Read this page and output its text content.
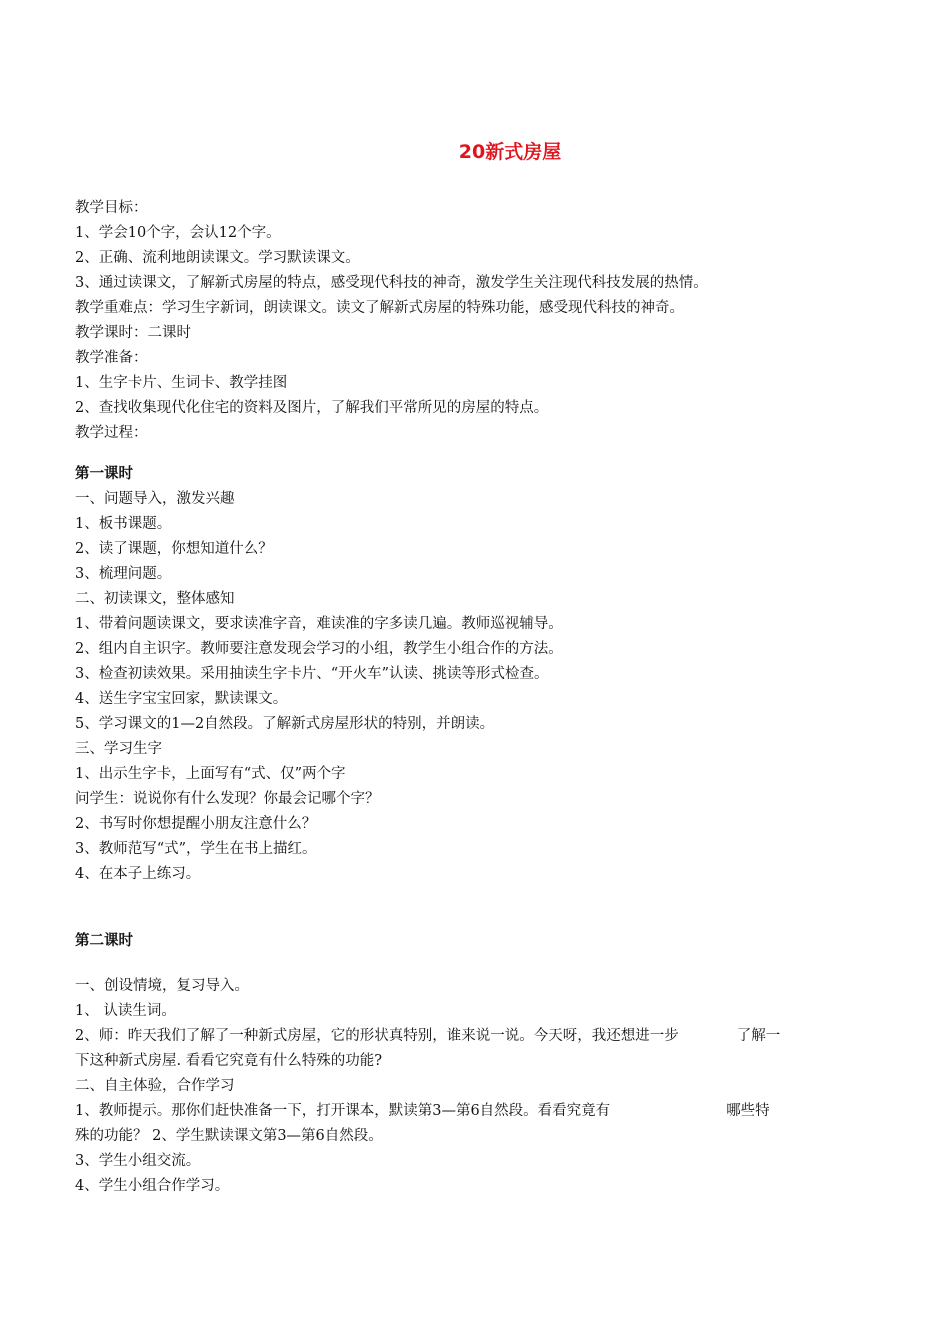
20新式房屋
教学目标：
1、学会10个字，会认12个字。
2、正确、流利地朗读课文。学习默读课文。
3、通过读课文，了解新式房屋的特点，感受现代科技的神奇，激发学生关注现代科技发展的热情。
教学重难点：学习生字新词，朗读课文。读文了解新式房屋的特殊功能，感受现代科技的神奇。
教学课时：二课时
教学准备：
1、生字卡片、生词卡、教学挂图
2、查找收集现代化住宅的资料及图片，了解我们平常所见的房屋的特点。
教学过程：
第一课时
一、问题导入，激发兴趣
1、板书课题。
2、读了课题，你想知道什么？
3、梳理问题。
二、初读课文，整体感知
1、带着问题读课文，要求读准字音，难读准的字多读几遍。教师巡视辅导。
2、组内自主识字。教师要注意发现会学习的小组，教学生小组合作的方法。
3、检查初读效果。采用抽读生字卡片、“开火车”认读、挑读等形式检查。
4、送生字宝宝回家，默读课文。
5、学习课文的1—2自然段。了解新式房屋形状的特别，并朗读。
三、学习生字
1、出示生字卡，上面写有“式、仅”两个字
问学生：说说你有什么发现？你最会记哪个字？
2、书写时你想提醒小朋友注意什么？
3、教师范写“式”，学生在书上描红。
4、在本子上练习。
第二课时
一、创设情境，复习导入。
1、 认读生词。
2、师：昨天我们了解了一种新式房屋，它的形状真特别，谁来说一说。今天呀，我还想进一步	了解一
下这种新式房屋. 看看它究竟有什么特殊的功能?
二、自主体验，合作学习
1、教师提示。那你们赶快准备一下，打开课本，默读第3—第6自然段。看看究竟有	哪些特
殊的功能？ 2、学生默读课文第3—第6自然段。
3、学生小组交流。
4、学生小组合作学习。
